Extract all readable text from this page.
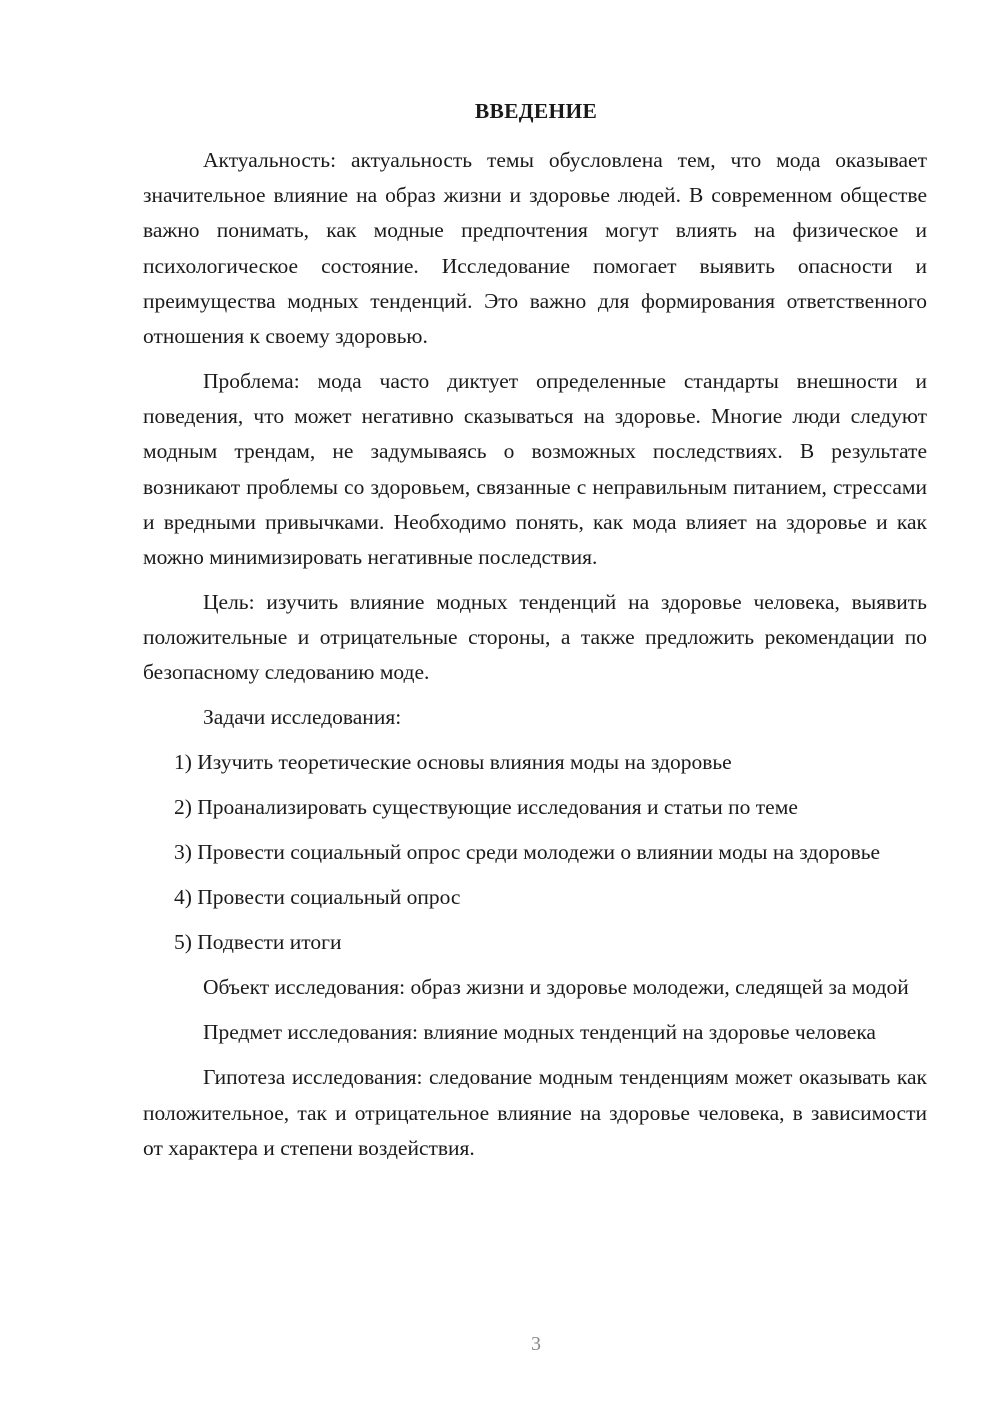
ВВЕДЕНИЕ

Актуальность: актуальность темы обусловлена тем, что мода оказывает значительное влияние на образ жизни и здоровье людей. В современном обществе важно понимать, как модные предпочтения могут влиять на физическое и психологическое состояние. Исследование помогает выявить опасности и преимущества модных тенденций. Это важно для формирования ответственного отношения к своему здоровью.

Проблема: мода часто диктует определенные стандарты внешности и поведения, что может негативно сказываться на здоровье. Многие люди следуют модным трендам, не задумываясь о возможных последствиях. В результате возникают проблемы со здоровьем, связанные с неправильным питанием, стрессами и вредными привычками. Необходимо понять, как мода влияет на здоровье и как можно минимизировать негативные последствия.

Цель: изучить влияние модных тенденций на здоровье человека, выявить положительные и отрицательные стороны, а также предложить рекомендации по безопасному следованию моде.

Задачи исследования:

1) Изучить теоретические основы влияния моды на здоровье

2) Проанализировать существующие исследования и статьи по теме

3) Провести социальный опрос среди молодежи о влиянии моды на здоровье

4) Провести социальный опрос

5) Подвести итоги

Объект исследования: образ жизни и здоровье молодежи, следящей за модой

Предмет исследования: влияние модных тенденций на здоровье человека

Гипотеза исследования: следование модным тенденциям может оказывать как положительное, так и отрицательное влияние на здоровье человека, в зависимости от характера и степени воздействия.

3
